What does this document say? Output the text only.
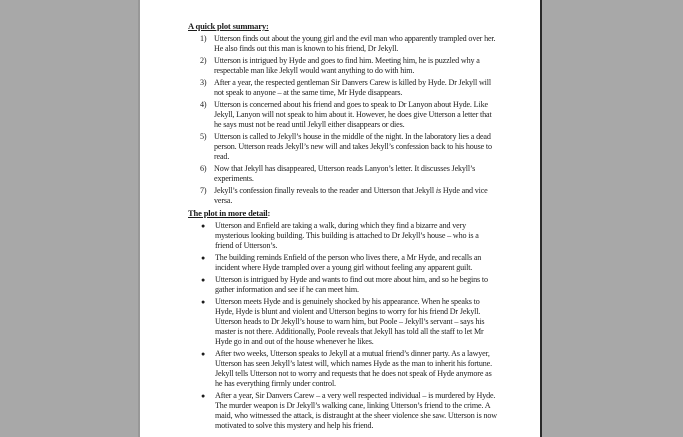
A quick plot summary:
1) Utterson finds out about the young girl and the evil man who apparently trampled over her. He also finds out this man is known to his friend, Dr Jekyll.
2) Utterson is intrigued by Hyde and goes to find him. Meeting him, he is puzzled why a respectable man like Jekyll would want anything to do with him.
3) After a year, the respected gentleman Sir Danvers Carew is killed by Hyde. Dr Jekyll will not speak to anyone – at the same time, Mr Hyde disappears.
4) Utterson is concerned about his friend and goes to speak to Dr Lanyon about Hyde. Like Jekyll, Lanyon will not speak to him about it. However, he does give Utterson a letter that he says must not be read until Jekyll either disappears or dies.
5) Utterson is called to Jekyll’s house in the middle of the night. In the laboratory lies a dead person. Utterson reads Jekyll’s new will and takes Jekyll’s confession back to his house to read.
6) Now that Jekyll has disappeared, Utterson reads Lanyon’s letter. It discusses Jekyll’s experiments.
7) Jekyll’s confession finally reveals to the reader and Utterson that Jekyll is Hyde and vice versa.
The plot in more detail:
●	Utterson and Enfield are taking a walk, during which they find a bizarre and very mysterious looking building. This building is attached to Dr Jekyll’s house – who is a friend of Utterson’s.
●	The building reminds Enfield of the person who lives there, a Mr Hyde, and recalls an incident where Hyde trampled over a young girl without feeling any apparent guilt.
●	Utterson is intrigued by Hyde and wants to find out more about him, and so he begins to gather information and see if he can meet him.
●	Utterson meets Hyde and is genuinely shocked by his appearance. When he speaks to Hyde, Hyde is blunt and violent and Utterson begins to worry for his friend Dr Jekyll. Utterson heads to Dr Jekyll’s house to warn him, but Poole – Jekyll’s servant – says his master is not there. Additionally, Poole reveals that Jekyll has told all the staff to let Mr Hyde go in and out of the house whenever he likes.
●	After two weeks, Utterson speaks to Jekyll at a mutual friend’s dinner party. As a lawyer, Utterson has seen Jekyll’s latest will, which names Hyde as the man to inherit his fortune. Jekyll tells Utterson not to worry and requests that he does not speak of Hyde anymore as he has everything firmly under control.
●	After a year, Sir Danvers Carew – a very well respected individual – is murdered by Hyde. The murder weapon is Dr Jekyll’s walking cane, linking Utterson’s friend to the crime. A maid, who witnessed the attack, is distraught at the sheer violence she saw. Utterson is now motivated to solve this mystery and help his friend.
